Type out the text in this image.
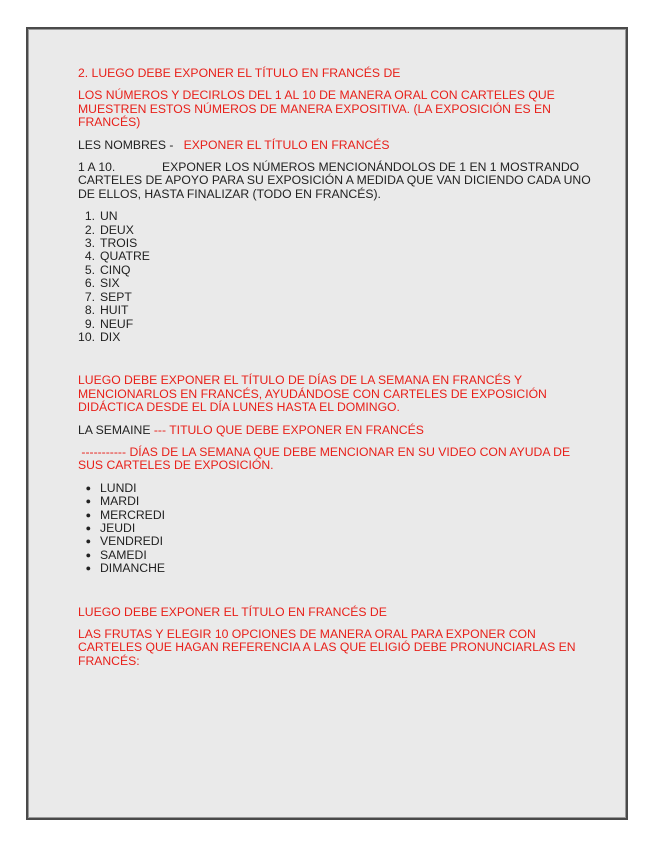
2. LUEGO DEBE EXPONER EL TÍTULO EN FRANCÉS DE

LOS NÚMEROS Y DECIRLOS DEL 1 AL 10 DE MANERA ORAL CON CARTELES QUE MUESTREN ESTOS NÚMEROS DE MANERA EXPOSITIVA. (LA EXPOSICIÓN ES EN FRANCÉS)

LES NOMBRES - EXPONER EL TÍTULO EN FRANCÉS

1 A 10.	EXPONER LOS NÚMEROS MENCIONÁNDOLOS DE 1 EN 1 MOSTRANDO CARTELES DE APOYO PARA SU EXPOSICIÓN A MEDIDA QUE VAN DICIENDO CADA UNO DE ELLOS, HASTA FINALIZAR (TODO EN FRANCÉS).

1. UN
2. DEUX
3. TROIS
4. QUATRE
5. CINQ
6. SIX
7. SEPT
8. HUIT
9. NEUF
10. DIX

LUEGO DEBE EXPONER EL TÍTULO DE DÍAS DE LA SEMANA EN FRANCÉS Y MENCIONARLOS EN FRANCÉS, AYUDÁNDOSE CON CARTELES DE EXPOSICIÓN DIDÁCTICA DESDE EL DÍA LUNES HASTA EL DOMINGO.

LA SEMAINE --- TITULO QUE DEBE EXPONER EN FRANCÉS

----------- DÍAS DE LA SEMANA QUE DEBE MENCIONAR EN SU VIDEO CON AYUDA DE SUS CARTELES DE EXPOSICIÓN.

● LUNDI
● MARDI
● MERCREDI
● JEUDI
● VENDREDI
● SAMEDI
● DIMANCHE

LUEGO DEBE EXPONER EL TÍTULO EN FRANCÉS DE

LAS FRUTAS Y ELEGIR 10 OPCIONES DE MANERA ORAL PARA EXPONER CON CARTELES QUE HAGAN REFERENCIA A LAS QUE ELIGIÓ DEBE PRONUNCIARLAS EN FRANCÉS:
